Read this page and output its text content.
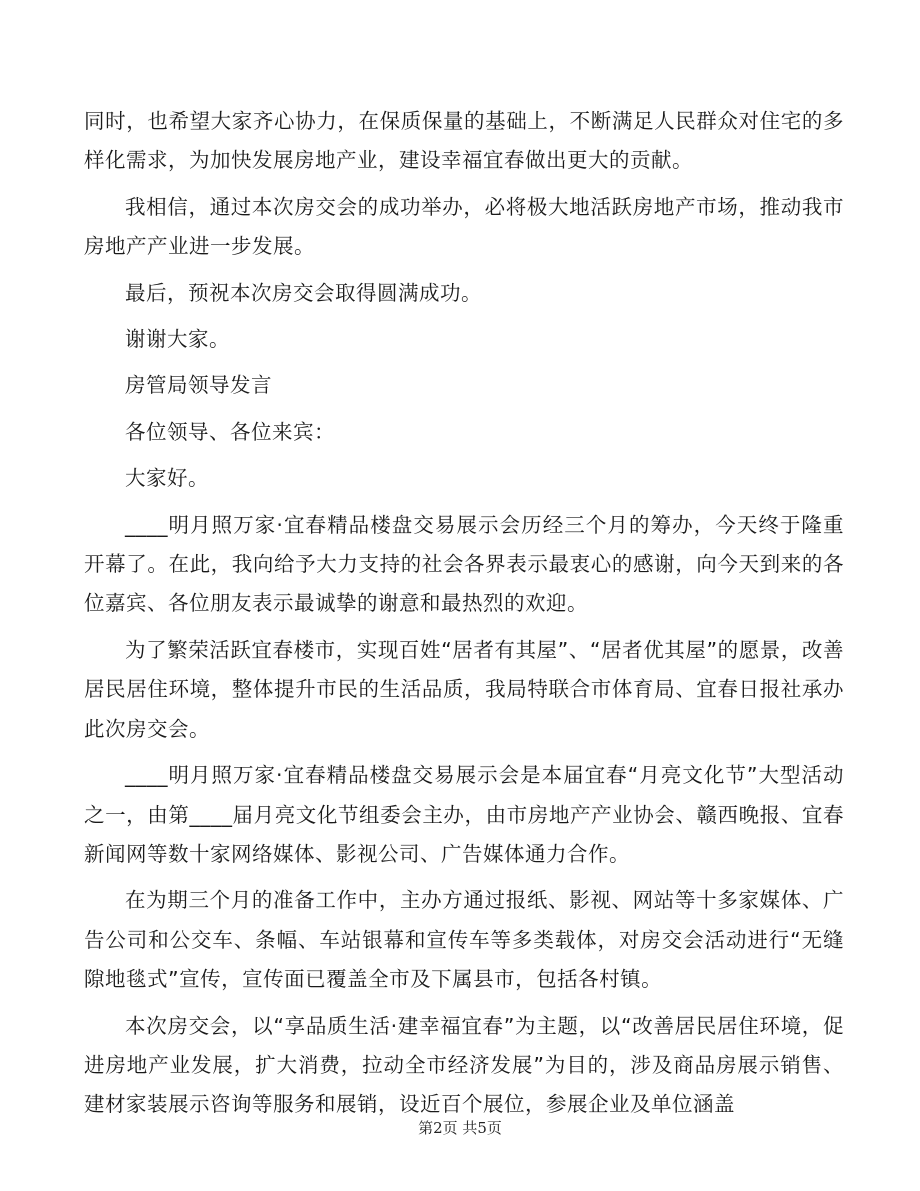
同时，也希望大家齐心协力，在保质保量的基础上，不断满足人民群众对住宅的多样化需求，为加快发展房地产业，建设幸福宜春做出更大的贡献。

我相信，通过本次房交会的成功举办，必将极大地活跃房地产市场，推动我市房地产产业进一步发展。

最后，预祝本次房交会取得圆满成功。

谢谢大家。

房管局领导发言

各位领导、各位来宾：

大家好。

____明月照万家·宜春精品楼盘交易展示会历经三个月的筹办，今天终于隆重开幕了。在此，我向给予大力支持的社会各界表示最衷心的感谢，向今天到来的各位嘉宾、各位朋友表示最诚挚的谢意和最热烈的欢迎。

为了繁荣活跃宜春楼市，实现百姓“居者有其屋”、“居者优其屋”的愿景，改善居民居住环境，整体提升市民的生活品质，我局特联合市体育局、宜春日报社承办此次房交会。

____明月照万家·宜春精品楼盘交易展示会是本届宜春“月亮文化节”大型活动之一，由第____届月亮文化节组委会主办，由市房地产产业协会、赣西晚报、宜春新闻网等数十家网络媒体、影视公司、广告媒体通力合作。

在为期三个月的准备工作中，主办方通过报纸、影视、网站等十多家媒体、广告公司和公交车、条幅、车站银幕和宣传车等多类载体，对房交会活动进行“无缝隙地毯式”宣传，宣传面已覆盖全市及下属县市，包括各村镇。

本次房交会，以“享品质生活·建幸福宜春”为主题，以“改善居民居住环境，促进房地产业发展，扩大消费，拉动全市经济发展”为目的，涉及商品房展示销售、建材家装展示咨询等服务和展销，设近百个展位，参展企业及单位涵盖

第2页 共5页
